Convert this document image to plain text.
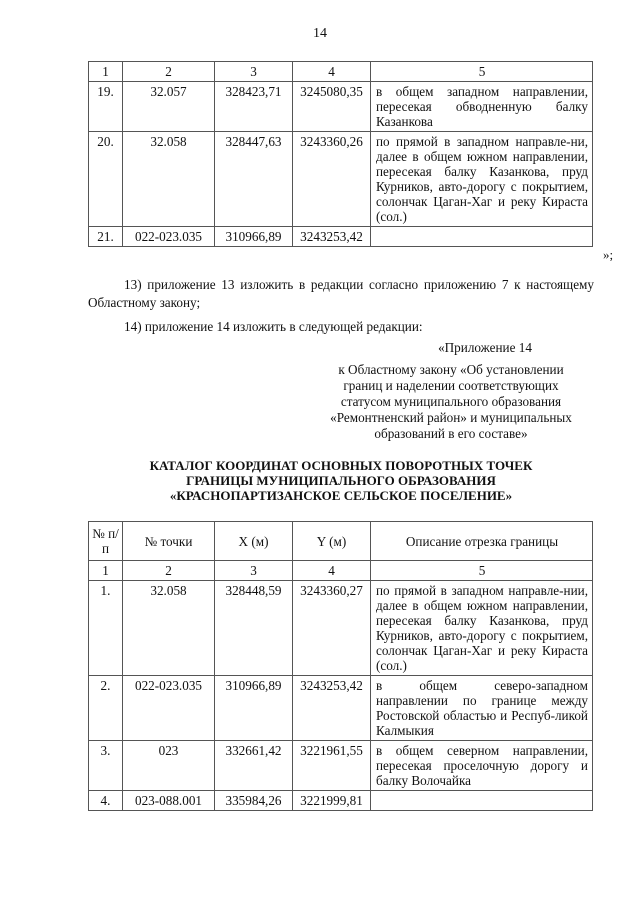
14
1	2	3	4	5
19.	32.057	328423,71	3245080,35	в общем западном направлении, пересекая обводненную балку Казанкова

20.	32.058	328447,63	3243360,26	по прямой в западном направле-ни, далее в общем южном направлении, пересекая балку Казанкова, пруд Курников, авто-дорогу с покрытием, солончак Цаган-Хаг и реку Кираста (сол.)

21.	022-023.035	310966,89	3243253,42	
»;
13) приложение 13 изложить в редакции согласно приложению 7 к настоящему Областному закону;
14) приложение 14 изложить в следующей редакции:
«Приложение 14
к Областному закону «Об установлении
границ и наделении соответствующих
статусом муниципального образования
«Ремонтненский район» и муниципальных
образований в его составе»
КАТАЛОГ КООРДИНАТ ОСНОВНЫХ ПОВОРОТНЫХ ТОЧЕК
ГРАНИЦЫ МУНИЦИПАЛЬНОГО ОБРАЗОВАНИЯ
«КРАСНОПАРТИЗАНСКОЕ СЕЛЬСКОЕ ПОСЕЛЕНИЕ»
№ п/п	№ точки	X (м)	Y (м)	Описание отрезка границы
1	2	3	4	5
1.	32.058	328448,59	3243360,27	по прямой в западном направле-нии, далее в общем южном направлении, пересекая балку Казанкова, пруд Курников, авто-дорогу с покрытием, солончак Цаган-Хаг и реку Кираста (сол.)

2.	022-023.035	310966,89	3243253,42	в общем северо-западном направлении по границе между Ростовской областью и Респуб-ликой Калмыкия

3.	023	332661,42	3221961,55	в общем северном направлении, пересекая проселочную дорогу и балку Волочайка

4.	023-088.001	335984,26	3221999,81	
